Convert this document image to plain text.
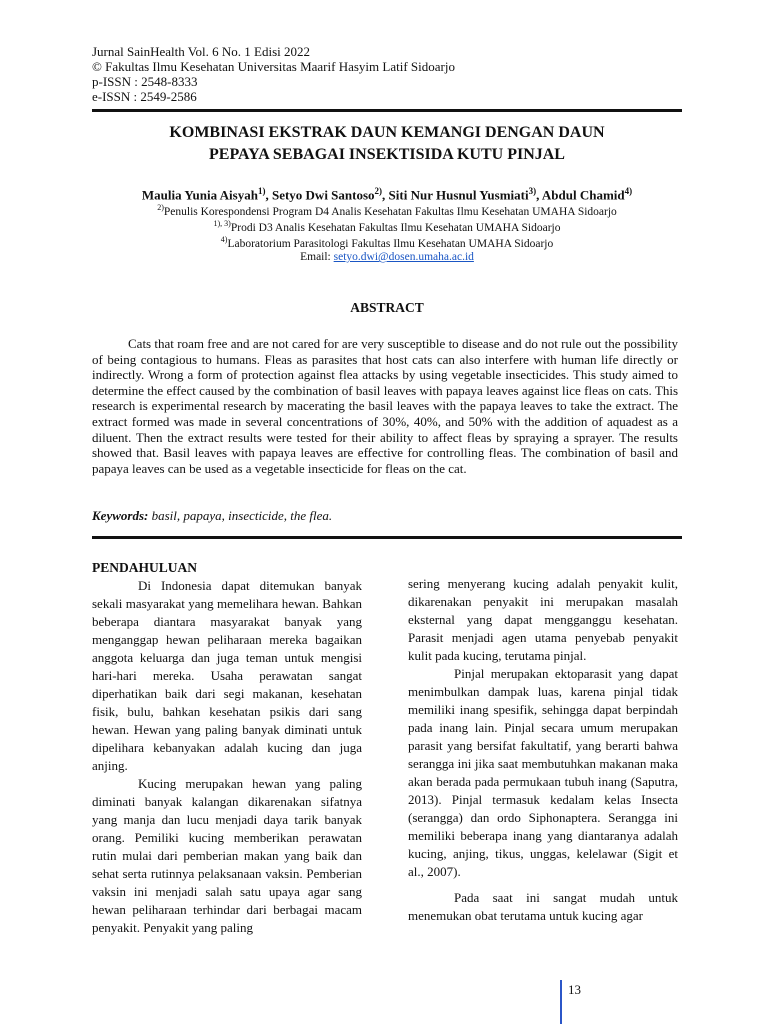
Jurnal SainHealth Vol. 6 No. 1 Edisi 2022
© Fakultas Ilmu Kesehatan Universitas Maarif Hasyim Latif Sidoarjo
p-ISSN : 2548-8333
e-ISSN : 2549-2586
KOMBINASI EKSTRAK DAUN KEMANGI DENGAN DAUN
PEPAYA SEBAGAI INSEKTISIDA KUTU PINJAL
Maulia Yunia Aisyah$^{1)}$, Setyo Dwi Santoso$^{2)}$, Siti Nur Husnul Yusmiati$^{3)}$, Abdul Chamid$^{4)}$
$^{2)}$Penulis Korespondensi Program D4 Analis Kesehatan Fakultas Ilmu Kesehatan UMAHA Sidoarjo
$^{1), 3)}$Prodi D3 Analis Kesehatan Fakultas Ilmu Kesehatan UMAHA Sidoarjo
$^{4)}$Laboratorium Parasitologi Fakultas Ilmu Kesehatan UMAHA Sidoarjo
Email: setyo.dwi@dosen.umaha.ac.id
ABSTRACT

Cats that roam free and are not cared for are very susceptible to disease and do not rule out the possibility of being contagious to humans. Fleas as parasites that host cats can also interfere with human life directly or indirectly. Wrong a form of protection against flea attacks by using vegetable insecticides. This study aimed to determine the effect caused by the combination of basil leaves with papaya leaves against lice fleas on cats. This research is experimental research by macerating the basil leaves with the papaya leaves to take the extract. The extract formed was made in several concentrations of 30%, 40%, and 50% with the addition of aquadest as a diluent. Then the extract results were tested for their ability to affect fleas by spraying a sprayer. The results showed that. Basil leaves with papaya leaves are effective for controlling fleas. The combination of basil and papaya leaves can be used as a vegetable insecticide for fleas on the cat.

Keywords: basil, papaya, insecticide, the flea.
PENDAHULUAN

Di Indonesia dapat ditemukan banyak sekali masyarakat yang memelihara hewan. Bahkan beberapa diantara masyarakat banyak yang menganggap hewan peliharaan mereka bagaikan anggota keluarga dan juga teman untuk mengisi hari-hari mereka. Usaha perawatan sangat diperhatikan baik dari segi makanan, kesehatan fisik, bulu, bahkan kesehatan psikis dari sang hewan. Hewan yang paling banyak diminati untuk dipelihara kebanyakan adalah kucing dan juga anjing.

Kucing merupakan hewan yang paling diminati banyak kalangan dikarenakan sifatnya yang manja dan lucu menjadi daya tarik banyak orang. Pemiliki kucing memberikan perawatan rutin mulai dari pemberian makan yang baik dan sehat serta rutinnya pelaksanaan vaksin. Pemberian vaksin ini menjadi salah satu upaya agar sang hewan peliharaan terhindar dari berbagai macam penyakit. Penyakit yang paling

sering menyerang kucing adalah penyakit kulit, dikarenakan penyakit ini merupakan masalah eksternal yang dapat mengganggu kesehatan. Parasit menjadi agen utama penyebab penyakit kulit pada kucing, terutama pinjal.

Pinjal merupakan ektoparasit yang dapat menimbulkan dampak luas, karena pinjal tidak memiliki inang spesifik, sehingga dapat berpindah pada inang lain. Pinjal secara umum merupakan parasit yang bersifat fakultatif, yang berarti bahwa serangga ini jika saat membutuhkan makanan maka akan berada pada permukaan tubuh inang (Saputra, 2013). Pinjal termasuk kedalam kelas Insecta (serangga) dan ordo Siphonaptera. Serangga ini memiliki beberapa inang yang diantaranya adalah kucing, anjing, tikus, unggas, kelelawar (Sigit et al., 2007).

Pada saat ini sangat mudah untuk menemukan obat terutama untuk kucing agar

13
